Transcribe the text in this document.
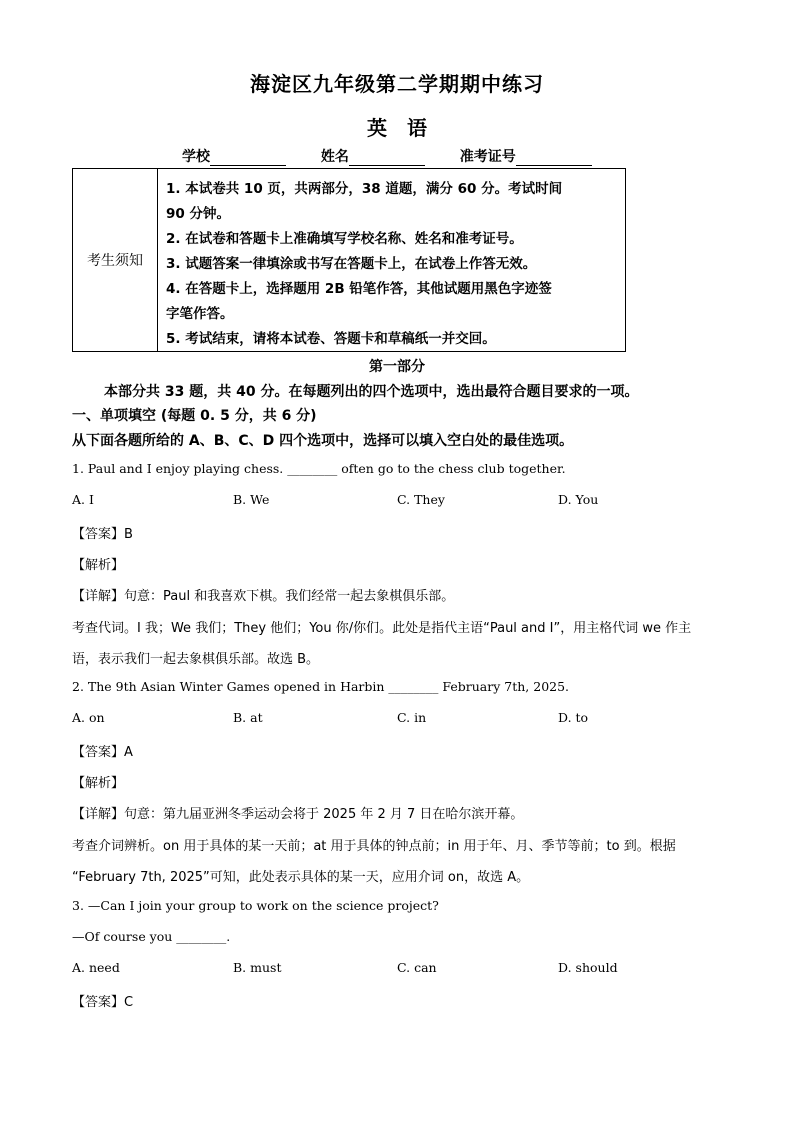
海淀区九年级第二学期期中练习
英 语
学校	姓名	准考证号
考生须知
1. 本试卷共 10 页，共两部分，38 道题，满分 60 分。考试时间
90 分钟。
2. 在试卷和答题卡上准确填写学校名称、姓名和准考证号。
3. 试题答案一律填涂或书写在答题卡上，在试卷上作答无效。
4. 在答题卡上，选择题用 2B 铅笔作答，其他试题用黑色字迹签
字笔作答。
5. 考试结束，请将本试卷、答题卡和草稿纸一并交回。
第一部分
本部分共 33 题，共 40 分。在每题列出的四个选项中，选出最符合题目要求的一项。
一、单项填空 (每题 0. 5 分，共 6 分)
从下面各题所给的 A、B、C、D 四个选项中，选择可以填入空白处的最佳选项。
1. Paul and I enjoy playing chess. ________ often go to the chess club together.
A. I	B. We	C. They	D. You
【答案】B
【解析】
【详解】句意：Paul 和我喜欢下棋。我们经常一起去象棋俱乐部。
考查代词。I 我；We 我们；They 他们；You 你/你们。此处是指代主语“Paul and I”，用主格代词 we 作主
语，表示我们一起去象棋俱乐部。故选 B。
2. The 9th Asian Winter Games opened in Harbin ________ February 7th, 2025.
A. on	B. at	C. in	D. to
【答案】A
【解析】
【详解】句意：第九届亚洲冬季运动会将于 2025 年 2 月 7 日在哈尔滨开幕。
考查介词辨析。on 用于具体的某一天前；at 用于具体的钟点前；in 用于年、月、季节等前；to 到。根据
“February 7th, 2025”可知，此处表示具体的某一天，应用介词 on，故选 A。
3. —Can I join your group to work on the science project?
—Of course you ________.
A. need	B. must	C. can	D. should
【答案】C
